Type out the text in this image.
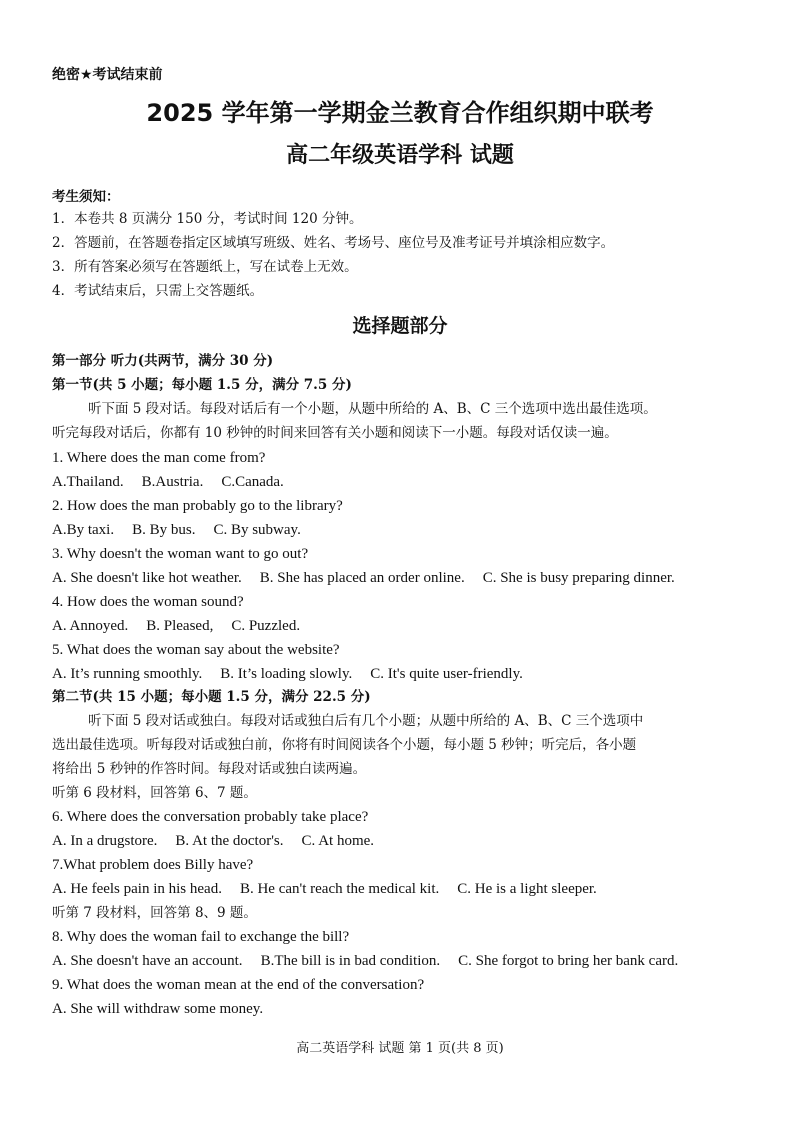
绝密★考试结束前
2025 学年第一学期金兰教育合作组织期中联考
高二年级英语学科 试题
考生须知：
1．本卷共 8 页满分 150 分，考试时间 120 分钟。
2．答题前，在答题卷指定区域填写班级、姓名、考场号、座位号及准考证号并填涂相应数字。
3．所有答案必须写在答题纸上，写在试卷上无效。
4．考试结束后，只需上交答题纸。
选择题部分
第一部分 听力(共两节，满分 30 分)
第一节(共 5 小题；每小题 1.5 分，满分 7.5 分)
听下面 5 段对话。每段对话后有一个小题，从题中所给的 A、B、C 三个选项中选出最佳选项。
听完每段对话后，你都有 10 秒钟的时间来回答有关小题和阅读下一小题。每段对话仅读一遍。
1. Where does the man come from?
A.Thailand. B.Austria. C.Canada.
2. How does the man probably go to the library?
A.By taxi. B. By bus. C. By subway.
3. Why doesn't the woman want to go out?
A. She doesn't like hot weather. B. She has placed an order online. C. She is busy preparing dinner.
4. How does the woman sound?
A. Annoyed. B. Pleased, C. Puzzled.
5. What does the woman say about the website?
A. It’s running smoothly. B. It’s loading slowly. C. It's quite user-friendly.
第二节(共 15 小题；每小题 1.5 分，满分 22.5 分)
听下面 5 段对话或独白。每段对话或独白后有几个小题；从题中所给的 A、B、C 三个选项中
选出最佳选项。听每段对话或独白前，你将有时间阅读各个小题，每小题 5 秒钟；听完后，各小题
将给出 5 秒钟的作答时间。每段对话或独白读两遍。
听第 6 段材料，回答第 6、7 题。
6. Where does the conversation probably take place?
A. In a drugstore. B. At the doctor's. C. At home.
7.What problem does Billy have?
A. He feels pain in his head. B. He can't reach the medical kit. C. He is a light sleeper.
听第 7 段材料，回答第 8、9 题。
8. Why does the woman fail to exchange the bill?
A. She doesn't have an account. B.The bill is in bad condition. C. She forgot to bring her bank card.
9. What does the woman mean at the end of the conversation?
A. She will withdraw some money.
高二英语学科 试题 第 1 页(共 8 页)
